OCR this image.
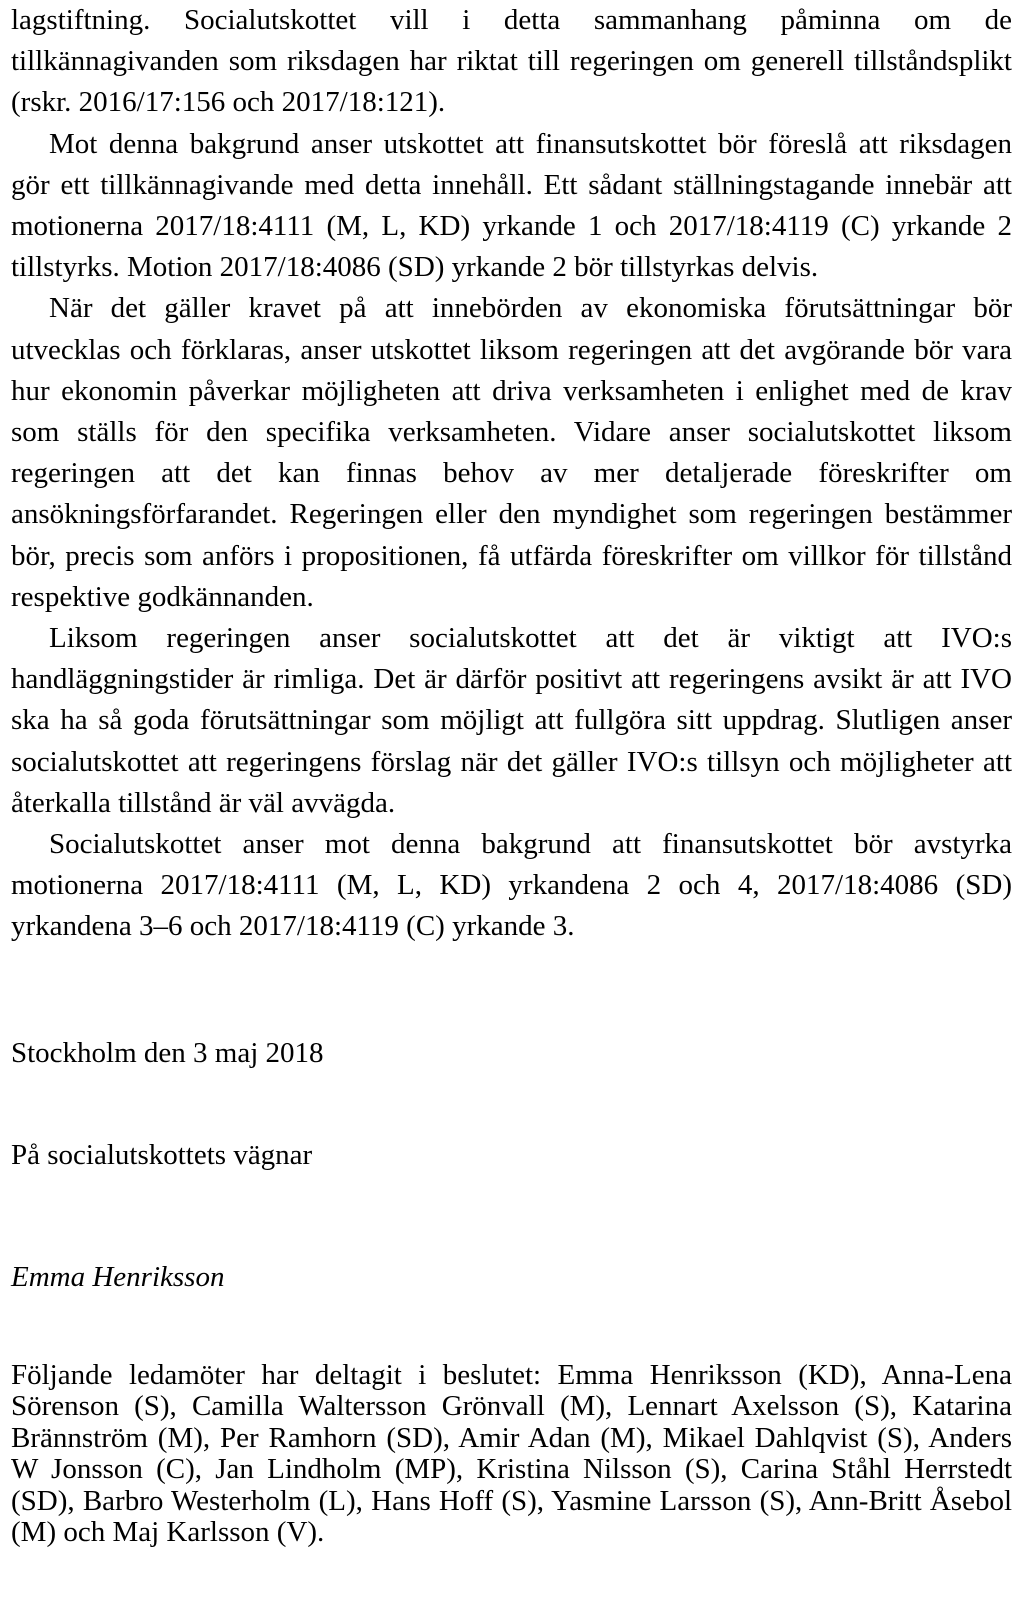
lagstiftning. Socialutskottet vill i detta sammanhang påminna om de tillkännagivanden som riksdagen har riktat till regeringen om generell tillståndsplikt (rskr. 2016/17:156 och 2017/18:121).

Mot denna bakgrund anser utskottet att finansutskottet bör föreslå att riksdagen gör ett tillkännagivande med detta innehåll. Ett sådant ställningstagande innebär att motionerna 2017/18:4111 (M, L, KD) yrkande 1 och 2017/18:4119 (C) yrkande 2 tillstyrks. Motion 2017/18:4086 (SD) yrkande 2 bör tillstyrkas delvis.

När det gäller kravet på att innebörden av ekonomiska förutsättningar bör utvecklas och förklaras, anser utskottet liksom regeringen att det avgörande bör vara hur ekonomin påverkar möjligheten att driva verksamheten i enlighet med de krav som ställs för den specifika verksamheten. Vidare anser socialutskottet liksom regeringen att det kan finnas behov av mer detaljerade föreskrifter om ansökningsförfarandet. Regeringen eller den myndighet som regeringen bestämmer bör, precis som anförs i propositionen, få utfärda föreskrifter om villkor för tillstånd respektive godkännanden.

Liksom regeringen anser socialutskottet att det är viktigt att IVO:s handläggningstider är rimliga. Det är därför positivt att regeringens avsikt är att IVO ska ha så goda förutsättningar som möjligt att fullgöra sitt uppdrag. Slutligen anser socialutskottet att regeringens förslag när det gäller IVO:s tillsyn och möjligheter att återkalla tillstånd är väl avvägda.

Socialutskottet anser mot denna bakgrund att finansutskottet bör avstyrka motionerna 2017/18:4111 (M, L, KD) yrkandena 2 och 4, 2017/18:4086 (SD) yrkandena 3–6 och 2017/18:4119 (C) yrkande 3.

Stockholm den 3 maj 2018

På socialutskottets vägnar

Emma Henriksson

Följande ledamöter har deltagit i beslutet: Emma Henriksson (KD), Anna-Lena Sörenson (S), Camilla Waltersson Grönvall (M), Lennart Axelsson (S), Katarina Brännström (M), Per Ramhorn (SD), Amir Adan (M), Mikael Dahlqvist (S), Anders W Jonsson (C), Jan Lindholm (MP), Kristina Nilsson (S), Carina Ståhl Herrstedt (SD), Barbro Westerholm (L), Hans Hoff (S), Yasmine Larsson (S), Ann-Britt Åsebol (M) och Maj Karlsson (V).
